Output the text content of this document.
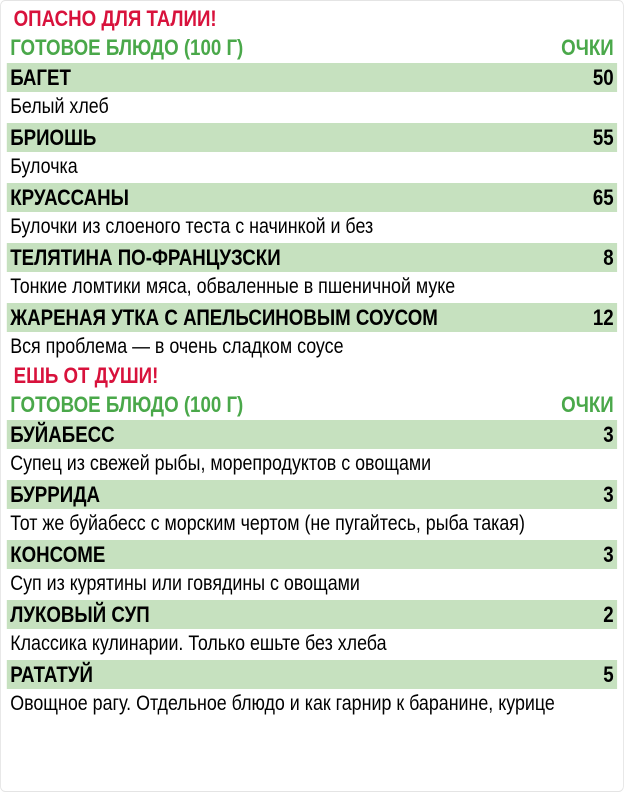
ОПАСНО ДЛЯ ТАЛИИ!
ГОТОВОЕ БЛЮДО (100 Г)	ОЧКИ
БАГЕТ	50
Белый хлеб
БРИОШЬ	55
Булочка
КРУАССАНЫ	65
Булочки из слоеного теста с начинкой и без
ТЕЛЯТИНА ПО-ФРАНЦУЗСКИ	8
Тонкие ломтики мяса, обваленные в пшеничной муке
ЖАРЕНАЯ УТКА С АПЕЛЬСИНОВЫМ СОУСОМ	12
Вся проблема — в очень сладком соусе
ЕШЬ ОТ ДУШИ!
ГОТОВОЕ БЛЮДО (100 Г)	ОЧКИ
БУЙАБЕСС	3
Супец из свежей рыбы, морепродуктов с овощами
БУРРИДА	3
Тот же буйабесс с морским чертом (не пугайтесь, рыба такая)
КОНСОМЕ	3
Суп из курятины или говядины с овощами
ЛУКОВЫЙ СУП	2
Классика кулинарии. Только ешьте без хлеба
РАТАТУЙ	5
Овощное рагу. Отдельное блюдо и как гарнир к баранине, курице
